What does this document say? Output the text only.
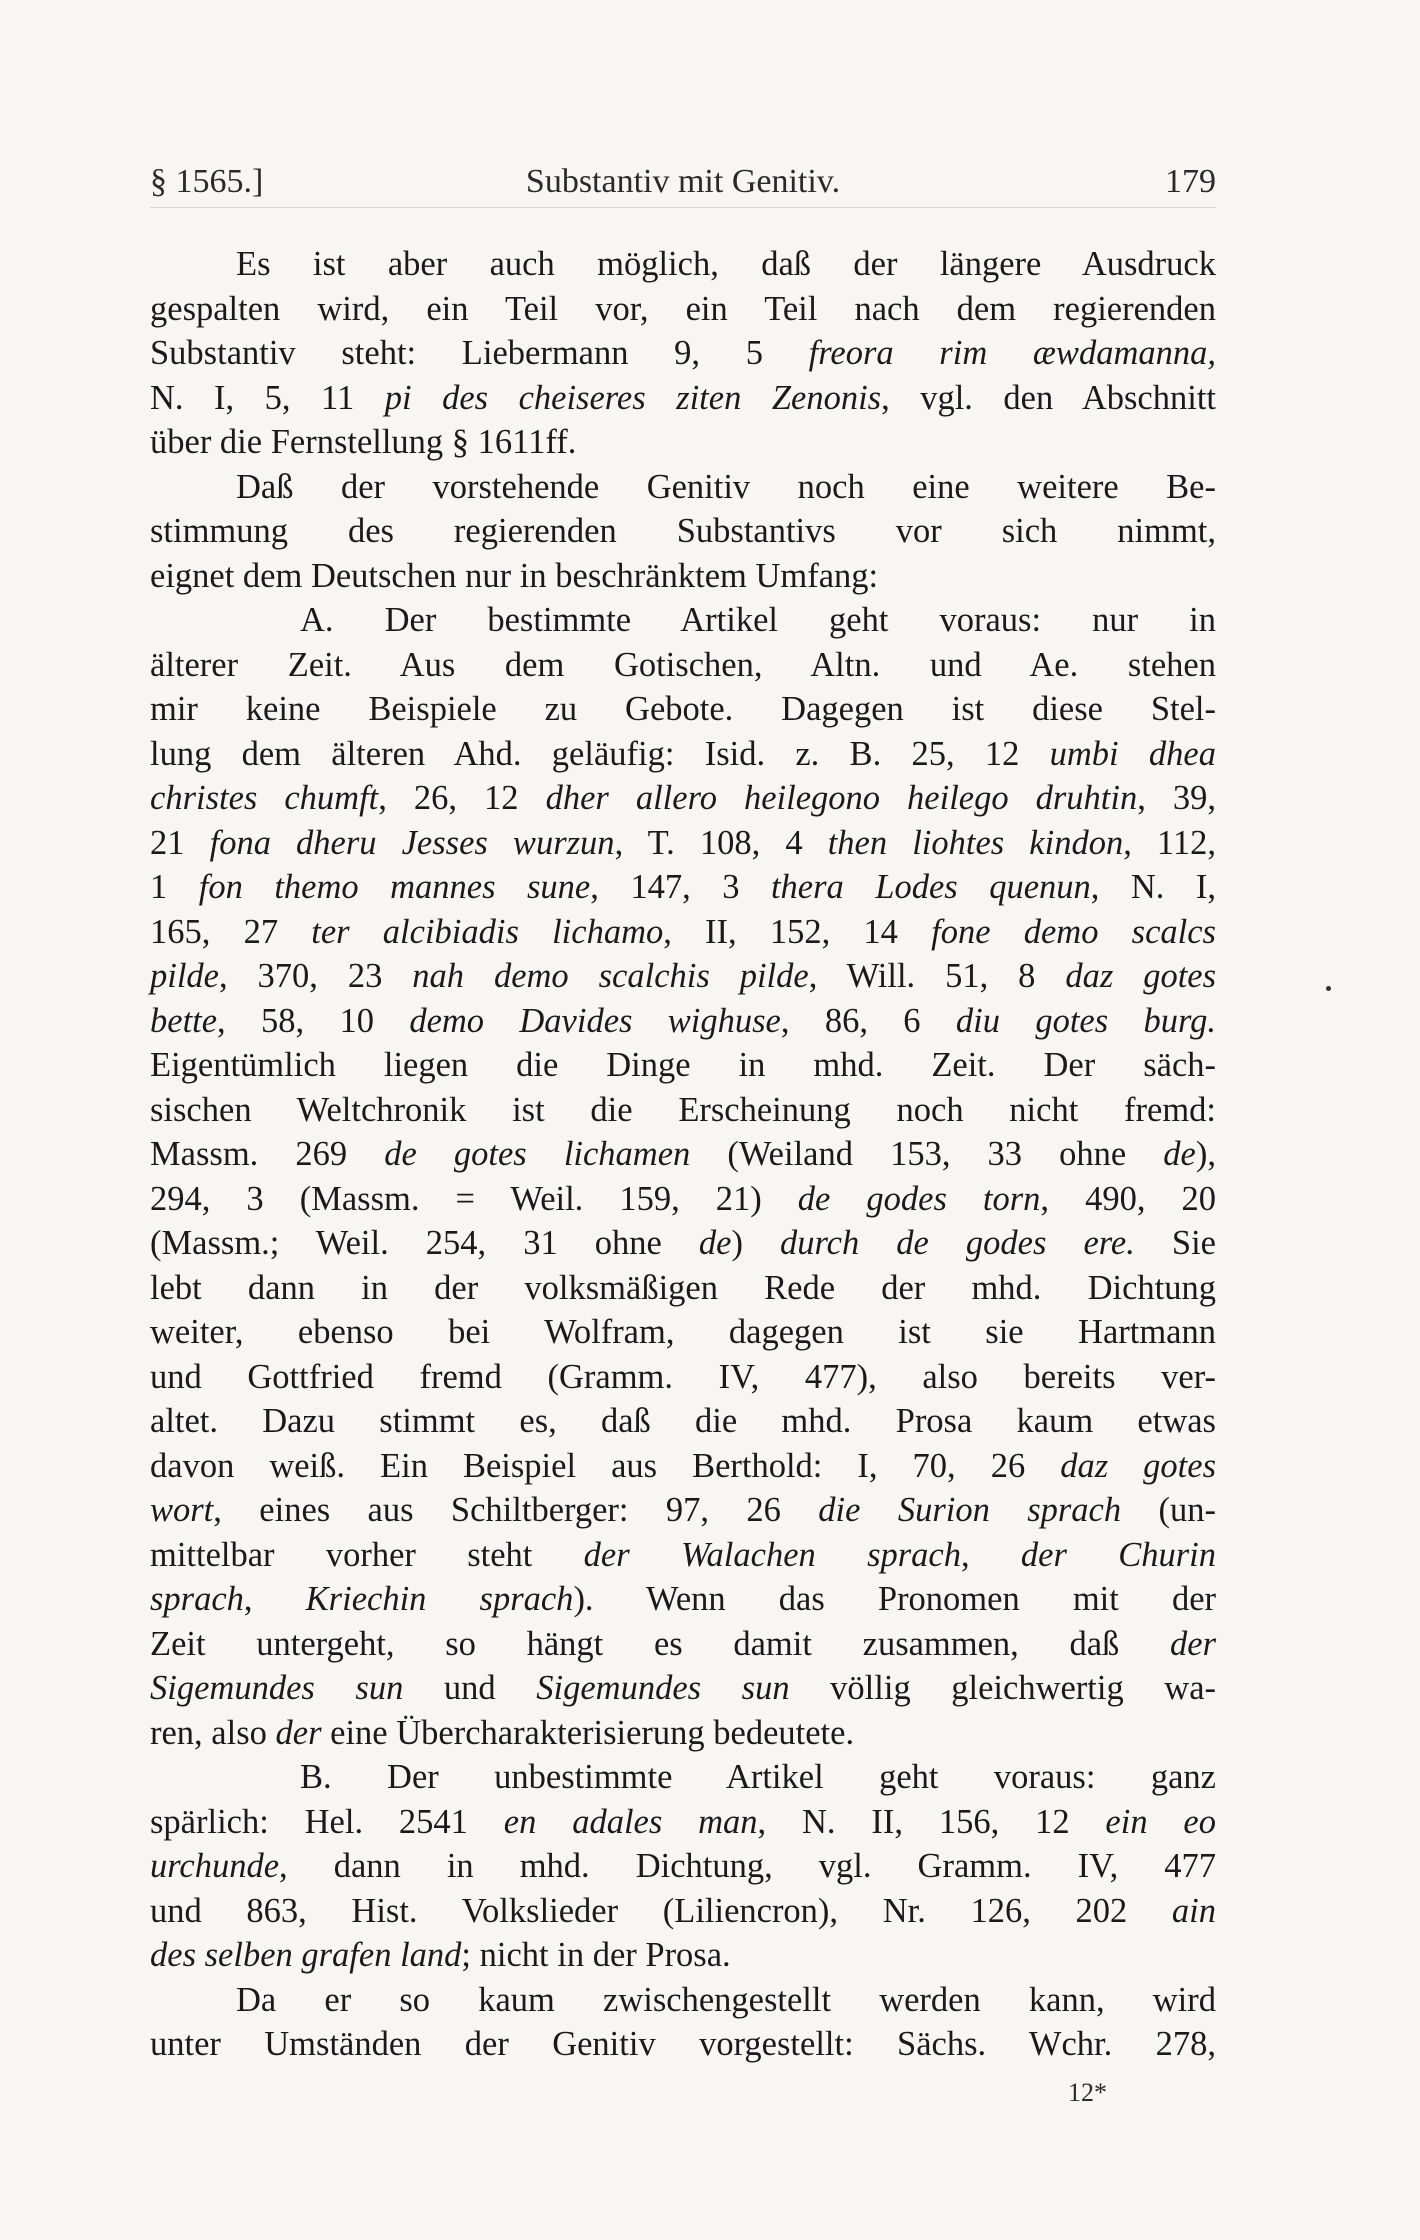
§ 1565.]	Substantiv mit Genitiv.	179
Es ist aber auch möglich, daß der längere Ausdruck
gespalten wird, ein Teil vor, ein Teil nach dem regierenden
Substantiv steht: Liebermann 9, 5 freora rim æwdamanna,
N. I, 5, 11 pi des cheiseres ziten Zenonis, vgl. den Abschnitt
über die Fernstellung § 1611ff.
Daß der vorstehende Genitiv noch eine weitere Be-
stimmung des regierenden Substantivs vor sich nimmt,
eignet dem Deutschen nur in beschränktem Umfang:
A. Der bestimmte Artikel geht voraus: nur in
älterer Zeit. Aus dem Gotischen, Altn. und Ae. stehen
mir keine Beispiele zu Gebote. Dagegen ist diese Stel-
lung dem älteren Ahd. geläufig: Isid. z. B. 25, 12 umbi dhea
christes chumft, 26, 12 dher allero heilegono heilego druhtin, 39,
21 fona dheru Jesses wurzun, T. 108, 4 then liohtes kindon, 112,
1 fon themo mannes sune, 147, 3 thera Lodes quenun, N. I,
165, 27 ter alcibiadis lichamo, II, 152, 14 fone demo scalcs
pilde, 370, 23 nah demo scalchis pilde, Will. 51, 8 daz gotes
bette, 58, 10 demo Davides wighuse, 86, 6 diu gotes burg.
Eigentümlich liegen die Dinge in mhd. Zeit. Der säch-
sischen Weltchronik ist die Erscheinung noch nicht fremd:
Massm. 269 de gotes lichamen (Weiland 153, 33 ohne de),
294, 3 (Massm. = Weil. 159, 21) de godes torn, 490, 20
(Massm.; Weil. 254, 31 ohne de) durch de godes ere. Sie
lebt dann in der volksmäßigen Rede der mhd. Dichtung
weiter, ebenso bei Wolfram, dagegen ist sie Hartmann
und Gottfried fremd (Gramm. IV, 477), also bereits ver-
altet. Dazu stimmt es, daß die mhd. Prosa kaum etwas
davon weiß. Ein Beispiel aus Berthold: I, 70, 26 daz gotes
wort, eines aus Schiltberger: 97, 26 die Surion sprach (un-
mittelbar vorher steht der Walachen sprach, der Churin
sprach, Kriechin sprach). Wenn das Pronomen mit der
Zeit untergeht, so hängt es damit zusammen, daß der
Sigemundes sun und Sigemundes sun völlig gleichwertig wa-
ren, also der eine Übercharakterisierung bedeutete.
B. Der unbestimmte Artikel geht voraus: ganz
spärlich: Hel. 2541 en adales man, N. II, 156, 12 ein eo
urchunde, dann in mhd. Dichtung, vgl. Gramm. IV, 477
und 863, Hist. Volkslieder (Liliencron), Nr. 126, 202 ain
des selben grafen land; nicht in der Prosa.
Da er so kaum zwischengestellt werden kann, wird
unter Umständen der Genitiv vorgestellt: Sächs. Wchr. 278,
12*
